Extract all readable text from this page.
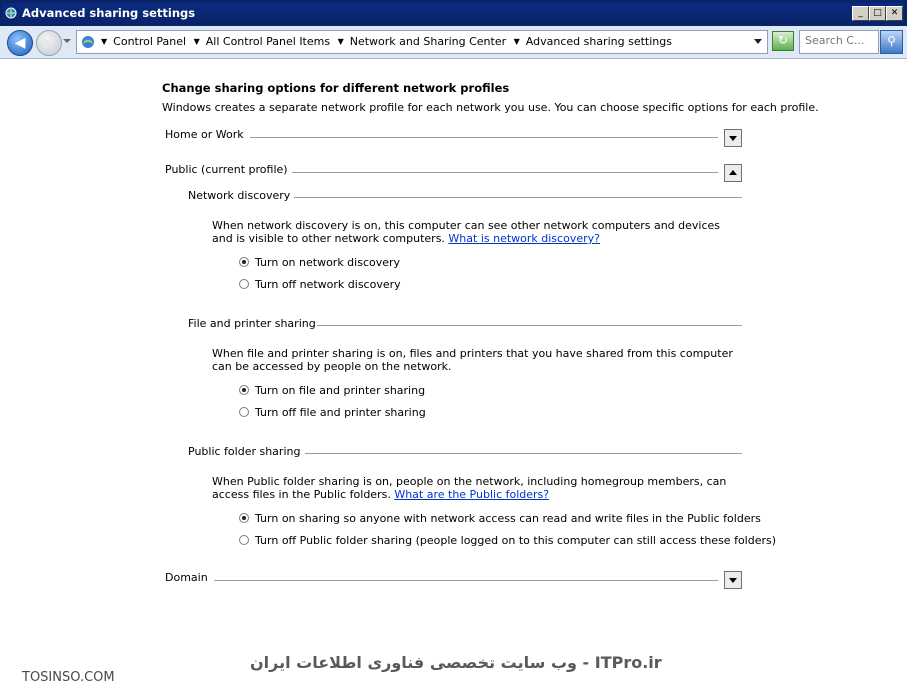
Advanced sharing settings	_	□ ✕
◀	▶	▼ Control Panel ▼ All Control Panel Items ▼ Network and Sharing Center ▼ Advanced sharing settings	↻
Search C...	⚲
Change sharing options for different network profiles
Windows creates a separate network profile for each network you use. You can choose specific options for each profile.
Home or Work
Public (current profile)
Network discovery
When network discovery is on, this computer can see other network computers and devices and is visible to other network computers. What is network discovery?
Turn on network discovery
Turn off network discovery
File and printer sharing
When file and printer sharing is on, files and printers that you have shared from this computer can be accessed by people on the network.
Turn on file and printer sharing
Turn off file and printer sharing
Public folder sharing
When Public folder sharing is on, people on the network, including homegroup members, can access files in the Public folders. What are the Public folders?
Turn on sharing so anyone with network access can read and write files in the Public folders
Turn off Public folder sharing (people logged on to this computer can still access these folders)
Domain
TOSINSO.COM
ITPro.ir - وب سایت تخصصی فناوری اطلاعات ایران
